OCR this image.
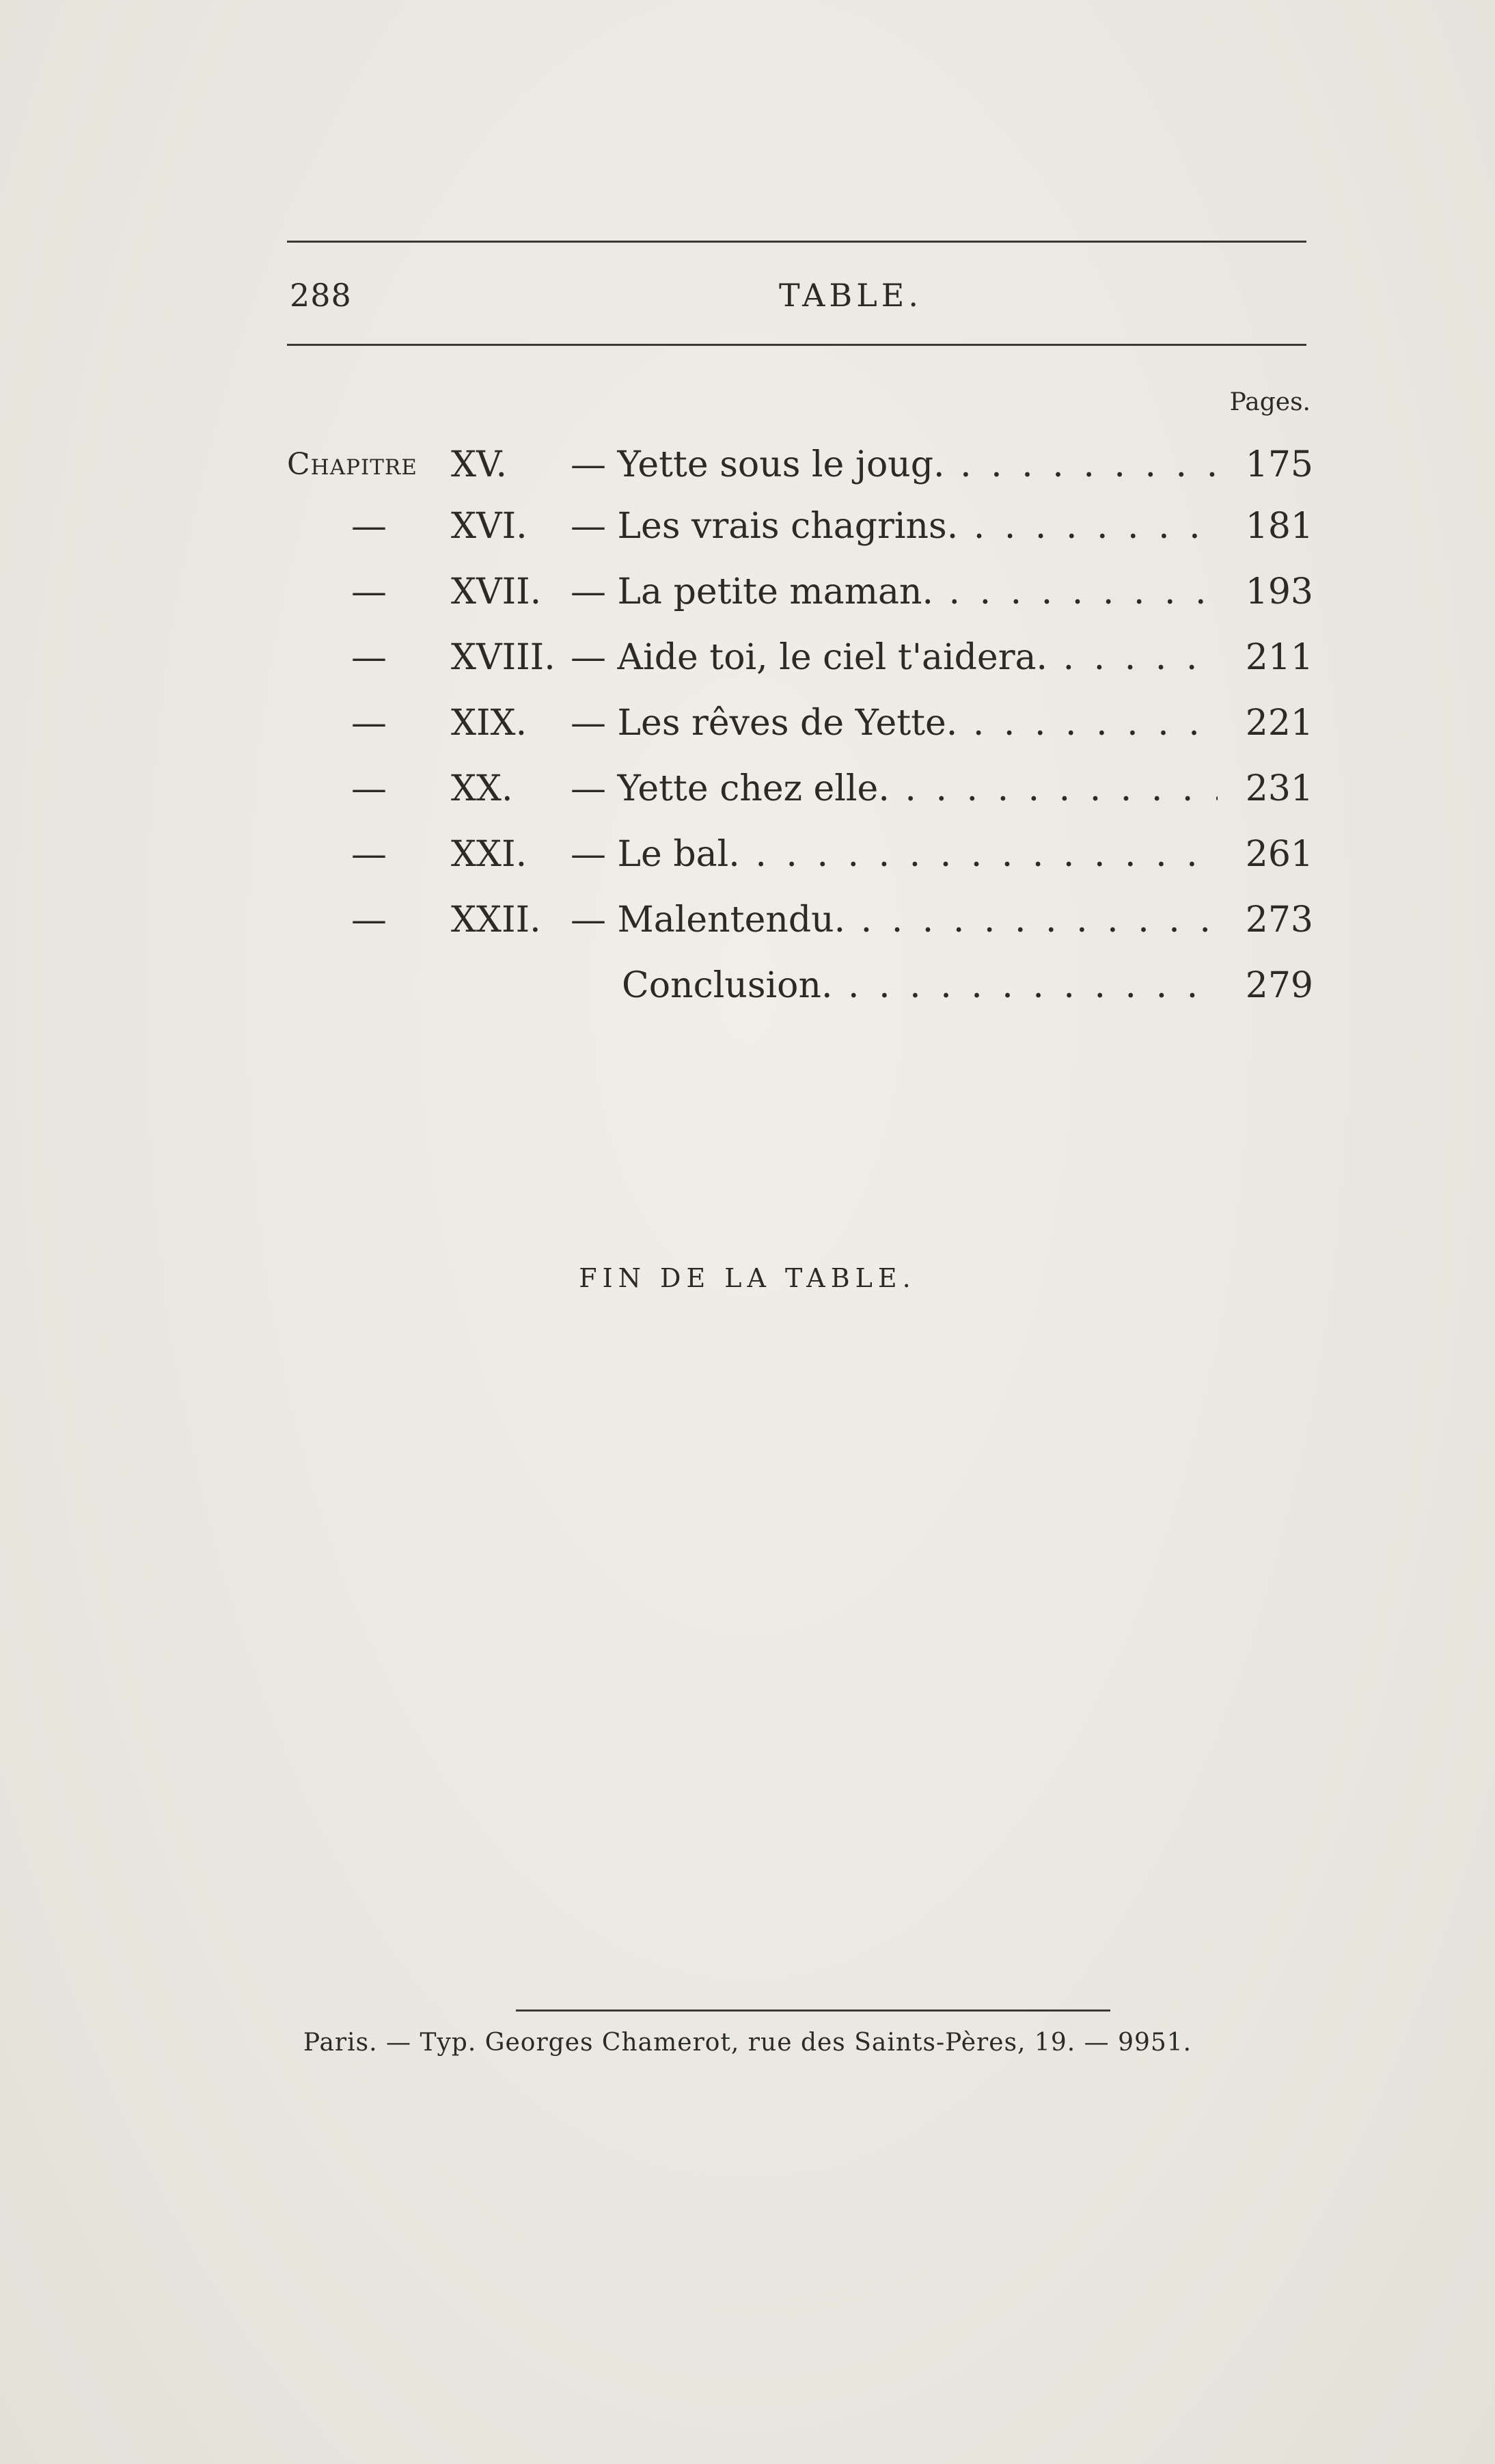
288	TABLE.
Pages.
Chapitre XV.	— Yette sous le joug. . . .	175
—	XVI.	— Les vrais chagrins. . . .	181
—	XVII. — La petite maman. . . .	193
—	XVIII. — Aide toi, le ciel t'aidera. . . .	211
—	XIX.	— Les rêves de Yette. . . .	221
—	XX.	— Yette chez elle. . . .	231
—	XXI.	— Le bal. . . .	261
—	XXII. — Malentendu. . . .	273
Conclusion. . . .	279
FIN DE LA TABLE.
Paris. — Typ. Georges Chamerot, rue des Saints-Pères, 19. — 9951.
